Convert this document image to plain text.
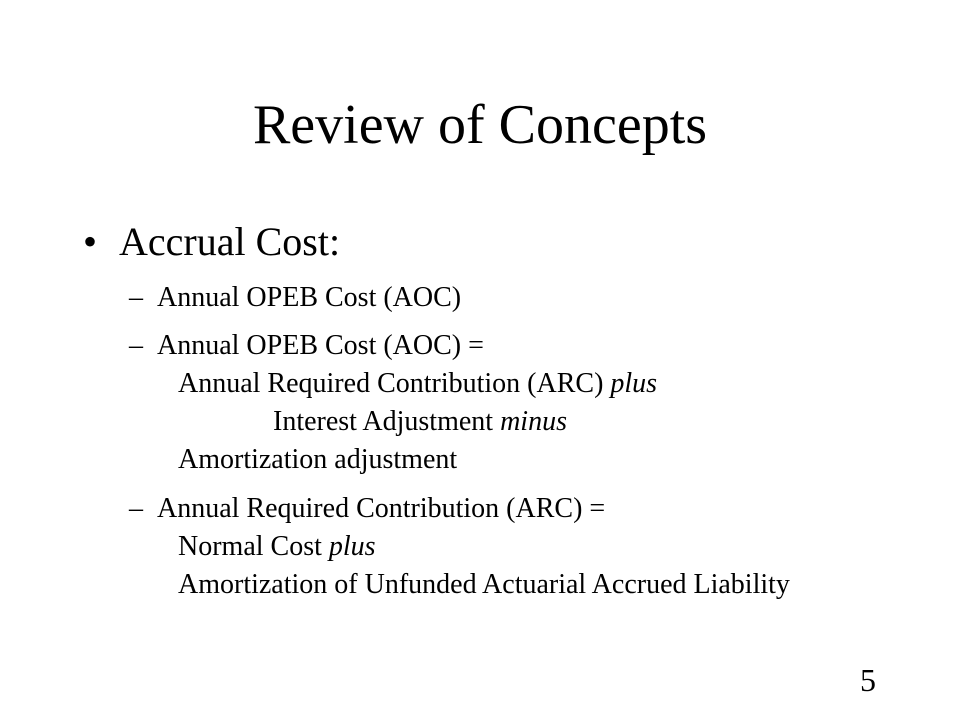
Review of Concepts
• Accrual Cost:
– Annual OPEB Cost (AOC)
– Annual OPEB Cost (AOC) =
Annual Required Contribution (ARC) plus
Interest Adjustment minus
Amortization adjustment
– Annual Required Contribution (ARC) =
Normal Cost plus
Amortization of Unfunded Actuarial Accrued Liability
5
